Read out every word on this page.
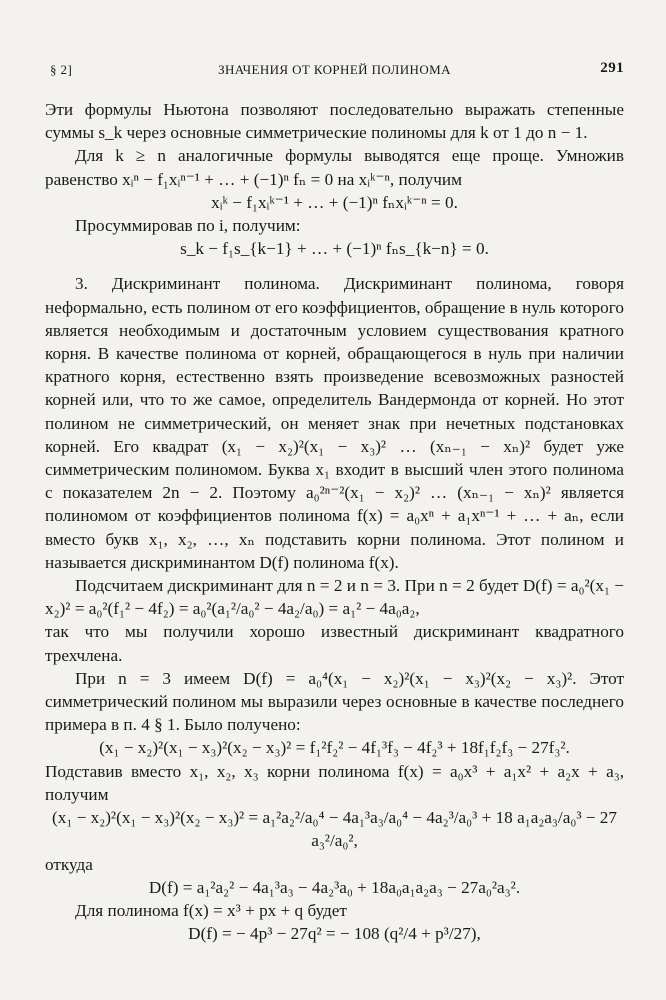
§ 2]	ЗНАЧЕНИЯ ОТ КОРНЕЙ ПОЛИНОМА	291

Эти формулы Ньютона позволяют последовательно выражать степенные суммы s_k через основные симметрические полиномы для k от 1 до n − 1.

Для k ≥ n аналогичные формулы выводятся еще проще. Умножив равенство xᵢⁿ − f₁xᵢⁿ⁻¹ + … + (−1)ⁿ fₙ = 0 на xᵢᵏ⁻ⁿ, получим

xᵢᵏ − f₁xᵢᵏ⁻¹ + … + (−1)ⁿ fₙxᵢᵏ⁻ⁿ = 0.

Просуммировав по i, получим:

s_k − f₁s_{k−1} + … + (−1)ⁿ fₙs_{k−n} = 0.

3. Дискриминант полинома. Дискриминант полинома, говоря неформально, есть полином от его коэффициентов, обращение в нуль которого является необходимым и достаточным условием существования кратного корня. В качестве полинома от корней, обращающегося в нуль при наличии кратного корня, естественно взять произведение всевозможных разностей корней или, что то же самое, определитель Вандермонда от корней. Но этот полином не симметрический, он меняет знак при нечетных подстановках корней. Его квадрат (x₁ − x₂)²(x₁ − x₃)² … (xₙ₋₁ − xₙ)² будет уже симметрическим полиномом. Буква x₁ входит в высший член этого полинома с показателем 2n − 2. Поэтому a₀²ⁿ⁻²(x₁ − x₂)² … (xₙ₋₁ − xₙ)² является полиномом от коэффициентов полинома f(x) = a₀xⁿ + a₁xⁿ⁻¹ + … + aₙ, если вместо букв x₁, x₂, …, xₙ подставить корни полинома. Этот полином и называется дискриминантом D(f) полинома f(x).

Подсчитаем дискриминант для n = 2 и n = 3. При n = 2 будет D(f) = a₀²(x₁ − x₂)² = a₀²(f₁² − 4f₂) = a₀²(a₁²/a₀² − 4a₂/a₀) = a₁² − 4a₀a₂,

так что мы получили хорошо известный дискриминант квадратного трехчлена.

При n = 3 имеем D(f) = a₀⁴(x₁ − x₂)²(x₁ − x₃)²(x₂ − x₃)². Этот симметрический полином мы выразили через основные в качестве последнего примера в п. 4 § 1. Было получено:

(x₁ − x₂)²(x₁ − x₃)²(x₂ − x₃)² = f₁²f₂² − 4f₁³f₃ − 4f₂³ + 18f₁f₂f₃ − 27f₃².

Подставив вместо x₁, x₂, x₃ корни полинома f(x) = a₀x³ + a₁x² + a₂x + a₃, получим

(x₁ − x₂)²(x₁ − x₃)²(x₂ − x₃)² = a₁²a₂²/a₀⁴ − 4a₁³a₃/a₀⁴ − 4a₂³/a₀³ + 18 a₁a₂a₃/a₀³ − 27 a₃²/a₀²,

откуда

D(f) = a₁²a₂² − 4a₁³a₃ − 4a₂³a₀ + 18a₀a₁a₂a₃ − 27a₀²a₃².

Для полинома f(x) = x³ + px + q будет

D(f) = − 4p³ − 27q² = − 108 (q²/4 + p³/27),
